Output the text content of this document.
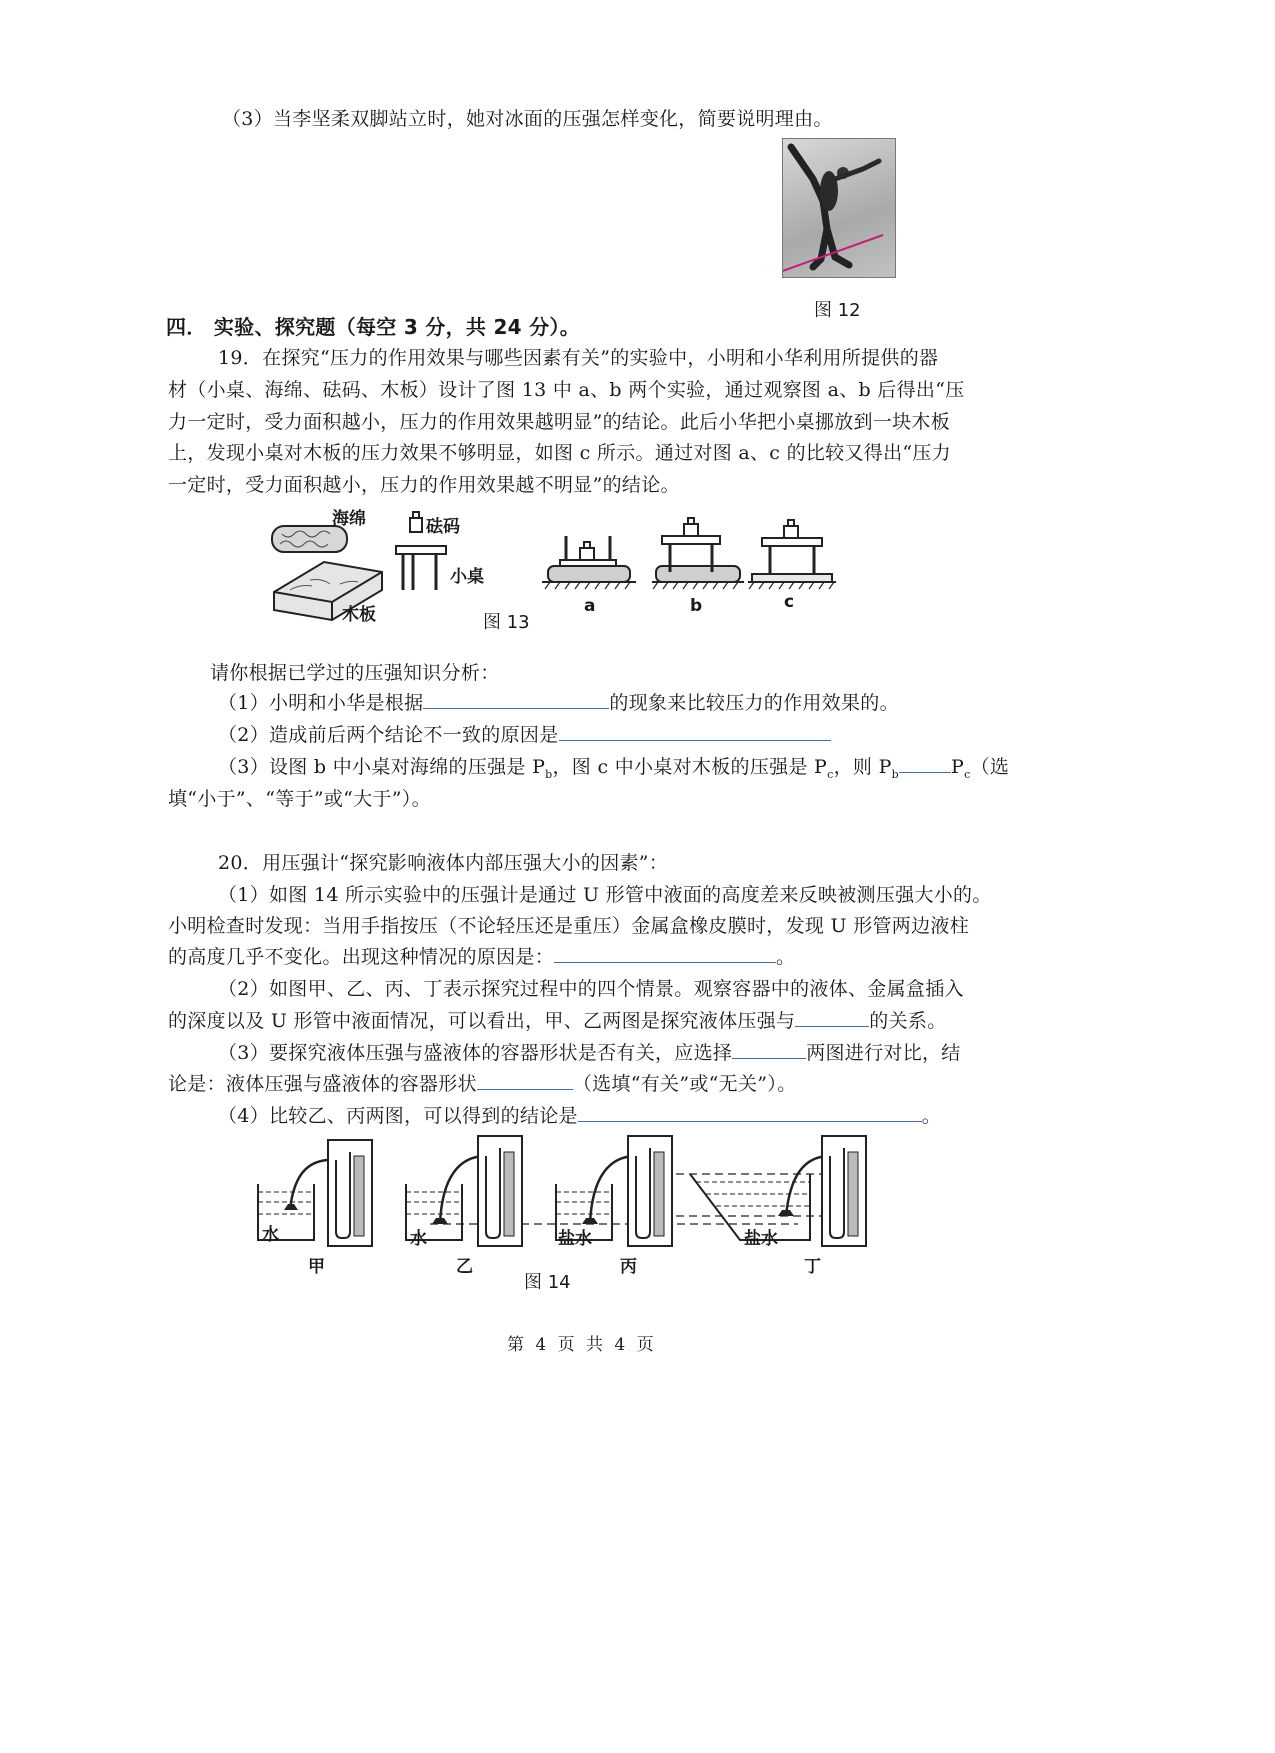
（3）当李坚柔双脚站立时，她对冰面的压强怎样变化，简要说明理由。
图 12
四． 实验、探究题（每空 3 分，共 24 分）。
19．在探究“压力的作用效果与哪些因素有关”的实验中，小明和小华利用所提供的器
材（小桌、海绵、砝码、木板）设计了图 13 中 a、b 两个实验，通过观察图 a、b 后得出“压
力一定时，受力面积越小，压力的作用效果越明显”的结论。此后小华把小桌挪放到一块木板
上，发现小桌对木板的压力效果不够明显，如图 c 所示。通过对图 a、c 的比较又得出“压力
一定时，受力面积越小，压力的作用效果越不明显”的结论。
海绵	砝码
小桌
木板	a	b	c
图 13
请你根据已学过的压强知识分析：
（1）小明和小华是根据	的现象来比较压力的作用效果的。
（2）造成前后两个结论不一致的原因是
（3）设图 b 中小桌对海绵的压强是 $P_b$，图 c 中小桌对木板的压强是 $P_c$，则 $P_b$	$P_c$（选
填“小于”、“等于”或“大于”）。
20．用压强计“探究影响液体内部压强大小的因素”：
（1）如图 14 所示实验中的压强计是通过 U 形管中液面的高度差来反映被测压强大小的。
小明检查时发现：当用手指按压（不论轻压还是重压）金属盒橡皮膜时，发现 U 形管两边液柱
的高度几乎不变化。出现这种情况的原因是：	。
（2）如图甲、乙、丙、丁表示探究过程中的四个情景。观察容器中的液体、金属盒插入
的深度以及 U 形管中液面情况，可以看出，甲、乙两图是探究液体压强与	的关系。
（3）要探究液体压强与盛液体的容器形状是否有关，应选择	两图进行对比，结
论是：液体压强与盛液体的容器形状	（选填“有关”或“无关”）。
（4）比较乙、丙两图，可以得到的结论是	。
水	水	盐水	盐水
甲	乙	丙	丁
图 14
第 4 页 共 4 页
